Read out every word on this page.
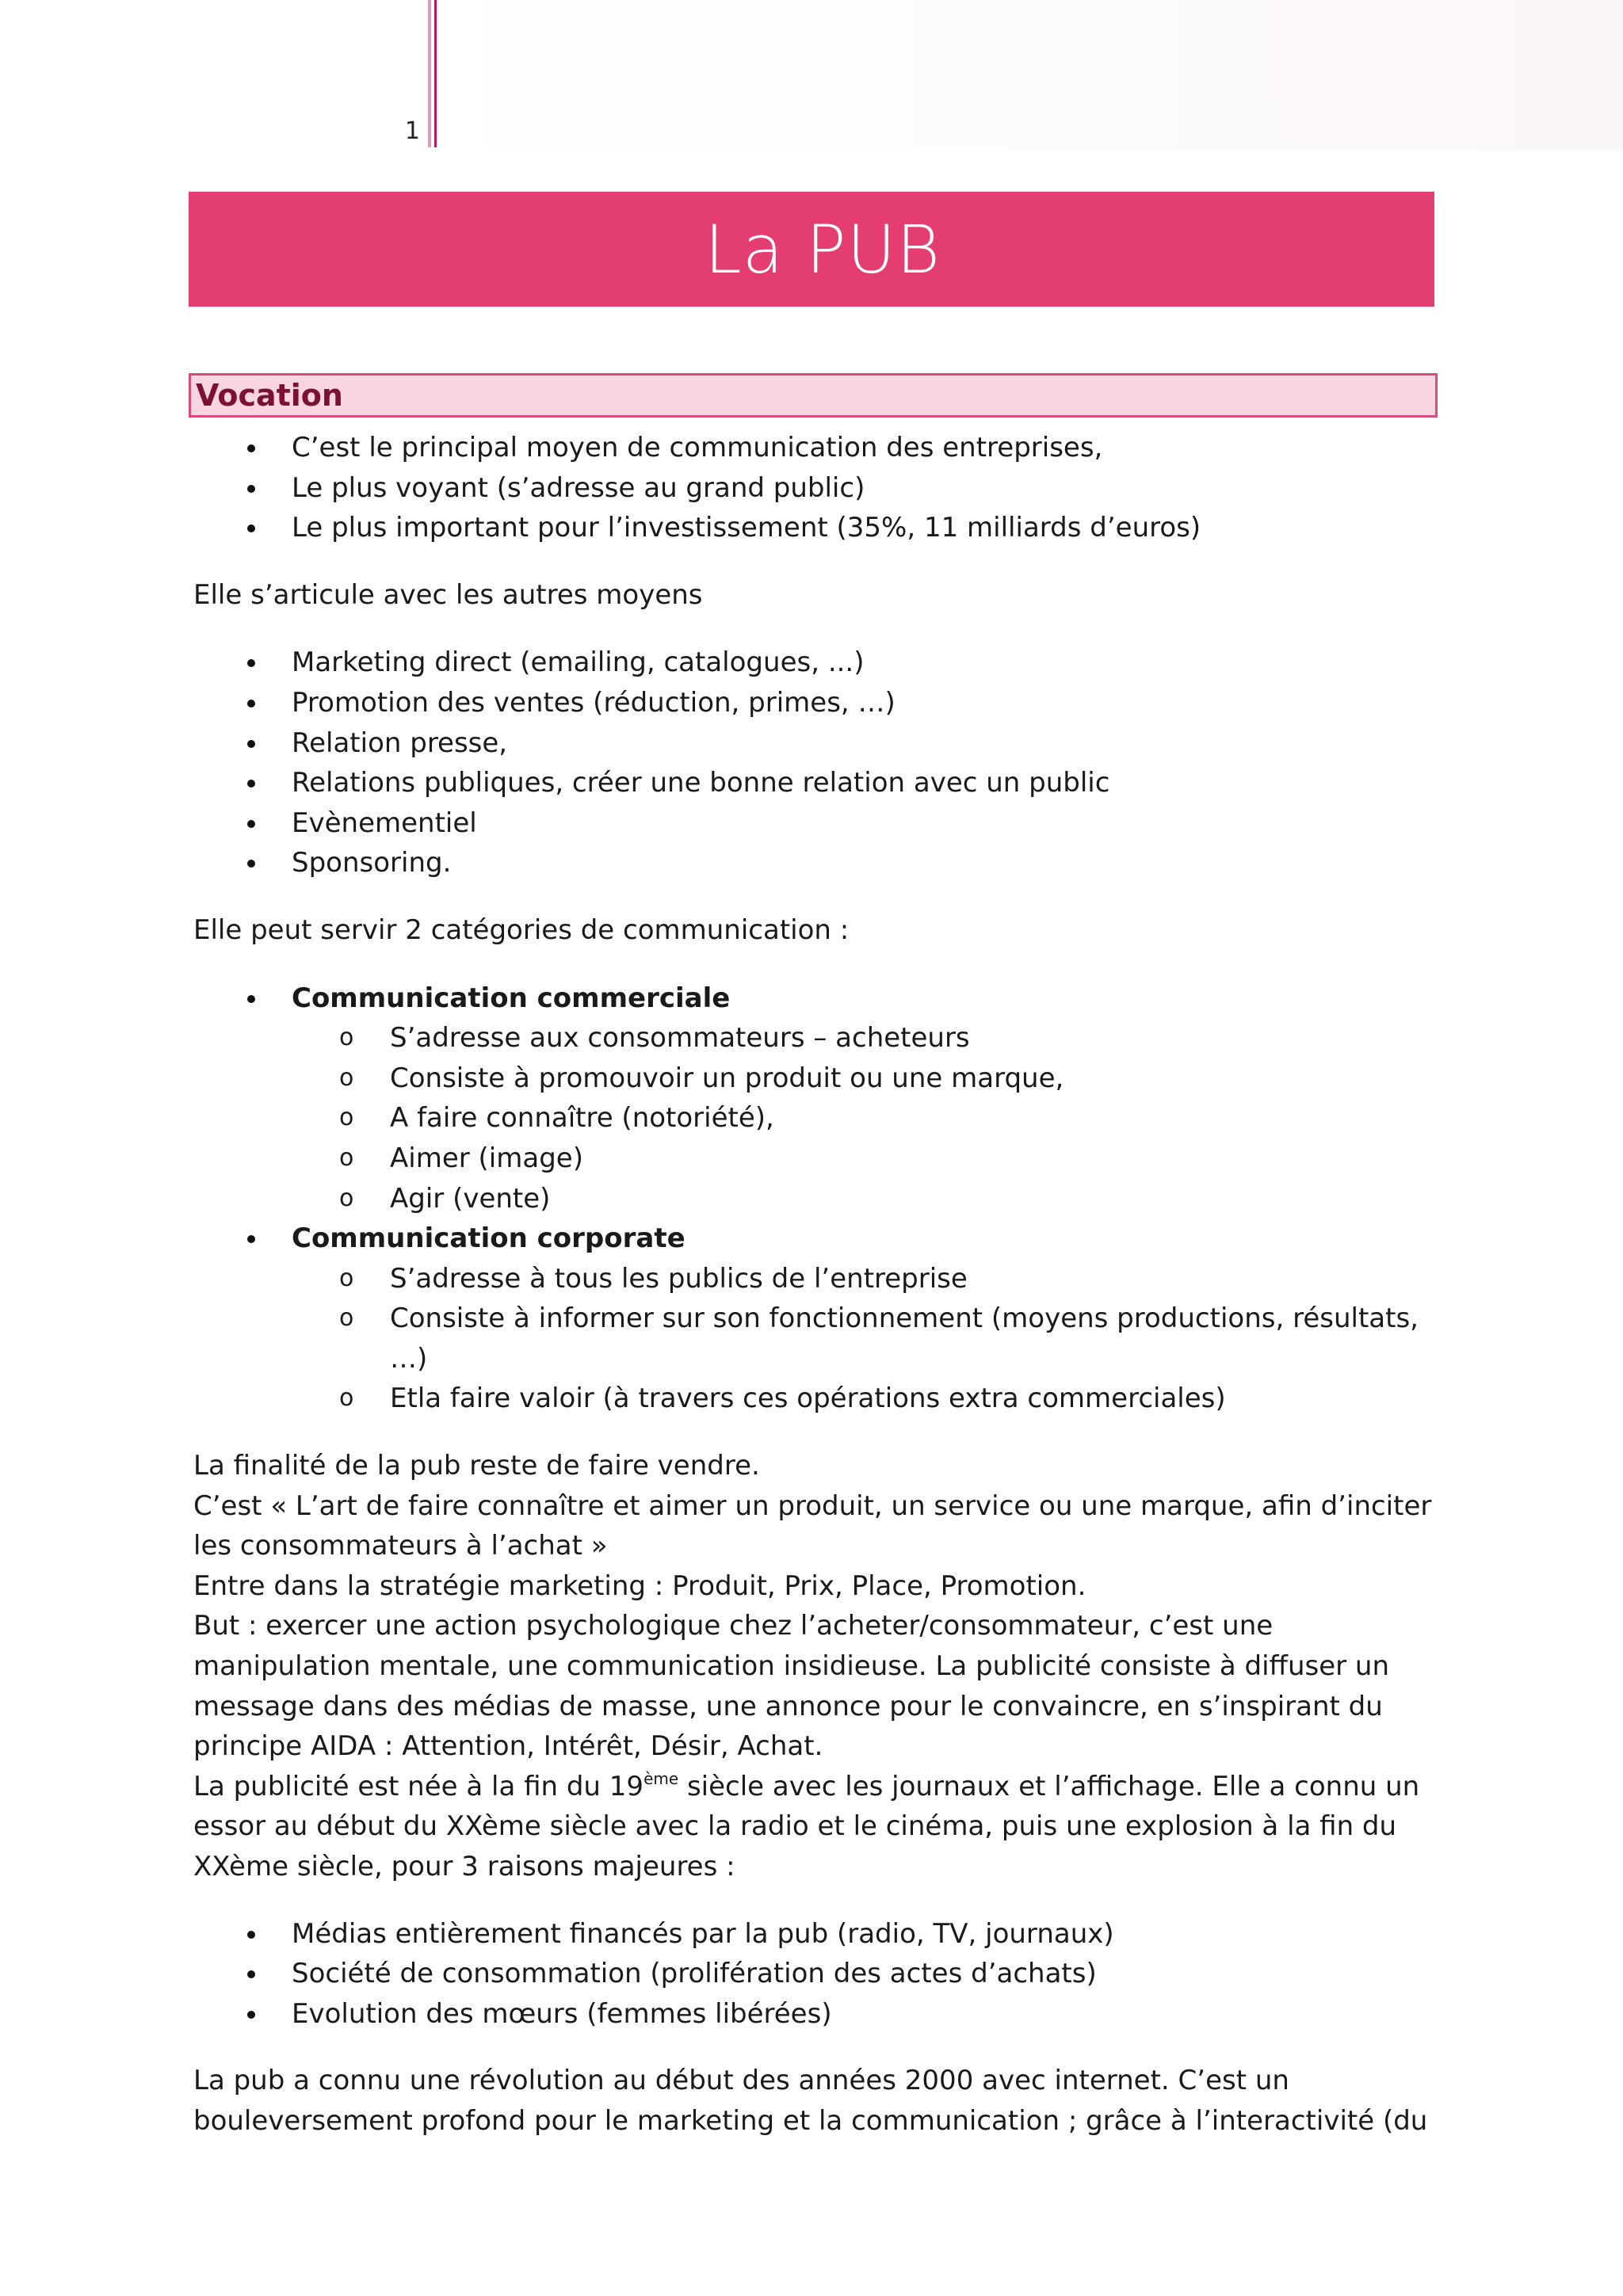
1
La PUB
Vocation
C’est le principal moyen de communication des entreprises,
Le plus voyant (s’adresse au grand public)
Le plus important pour l’investissement (35%, 11 milliards d’euros)

Elle s’articule avec les autres moyens

Marketing direct (emailing, catalogues, ...)
Promotion des ventes (réduction, primes, …)
Relation presse,
Relations publiques, créer une bonne relation avec un public
Evènementiel
Sponsoring.

Elle peut servir 2 catégories de communication :

Communication commerciale
o S’adresse aux consommateurs – acheteurs
o Consiste à promouvoir un produit ou une marque,
o A faire connaître (notoriété),
o Aimer (image)
o Agir (vente)
Communication corporate
o S’adresse à tous les publics de l’entreprise
o Consiste à informer sur son fonctionnement (moyens productions, résultats, …)
o Etla faire valoir (à travers ces opérations extra commerciales)

La finalité de la pub reste de faire vendre.

C’est « L’art de faire connaître et aimer un produit, un service ou une marque, afin d’inciter

les consommateurs à l’achat »

Entre dans la stratégie marketing : Produit, Prix, Place, Promotion.

But : exercer une action psychologique chez l’acheter/consommateur, c’est une

manipulation mentale, une communication insidieuse. La publicité consiste à diffuser un

message dans des médias de masse, une annonce pour le convaincre, en s’inspirant du

principe AIDA : Attention, Intérêt, Désir, Achat.

La publicité est née à la fin du 19ème siècle avec les journaux et l’affichage. Elle a connu un

essor au début du XXème siècle avec la radio et le cinéma, puis une explosion à la fin du

XXème siècle, pour 3 raisons majeures :

Médias entièrement financés par la pub (radio, TV, journaux)
Société de consommation (prolifération des actes d’achats)
Evolution des mœurs (femmes libérées)

La pub a connu une révolution au début des années 2000 avec internet. C’est un

bouleversement profond pour le marketing et la communication ; grâce à l’interactivité (du
